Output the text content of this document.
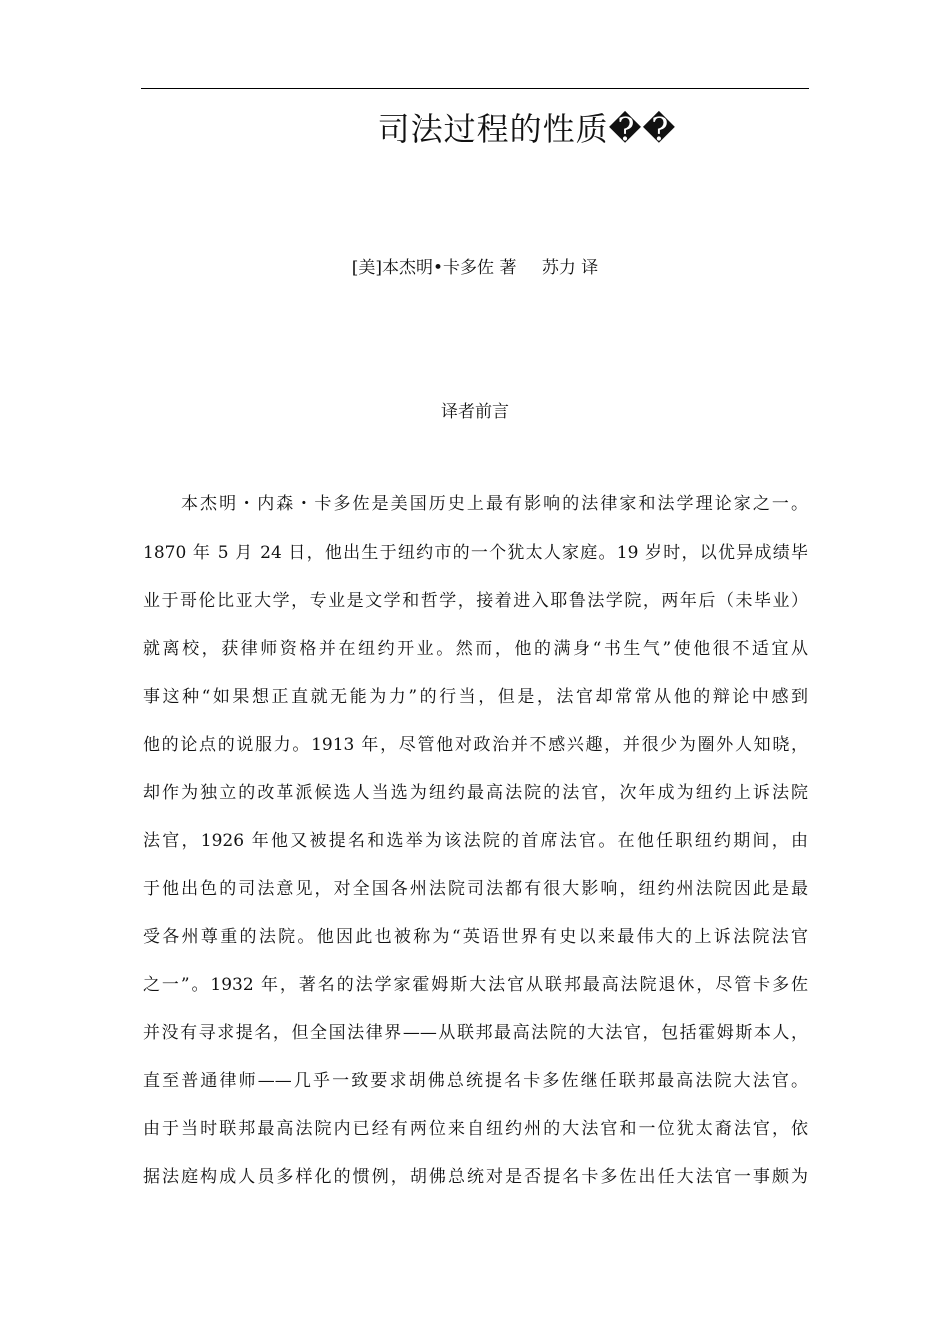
司法过程的性质��
[美]本杰明•卡多佐 著 苏力 译
译者前言
本杰明・内森・卡多佐是美国历史上最有影响的法律家和法学理论家之一。
1870 年 5 月 24 日，他出生于纽约市的一个犹太人家庭。19 岁时，以优异成绩毕
业于哥伦比亚大学，专业是文学和哲学，接着进入耶鲁法学院，两年后（未毕业）
就离校，获律师资格并在纽约开业。然而，他的满身“书生气”使他很不适宜从
事这种“如果想正直就无能为力”的行当，但是，法官却常常从他的辩论中感到
他的论点的说服力。1913 年，尽管他对政治并不感兴趣，并很少为圈外人知晓，
却作为独立的改革派候选人当选为纽约最高法院的法官，次年成为纽约上诉法院
法官，1926 年他又被提名和选举为该法院的首席法官。在他任职纽约期间，由
于他出色的司法意见，对全国各州法院司法都有很大影响，纽约州法院因此是最
受各州尊重的法院。他因此也被称为“英语世界有史以来最伟大的上诉法院法官
之一”。1932 年，著名的法学家霍姆斯大法官从联邦最高法院退休，尽管卡多佐
并没有寻求提名，但全国法律界——从联邦最高法院的大法官，包括霍姆斯本人，
直至普通律师——几乎一致要求胡佛总统提名卡多佐继任联邦最高法院大法官。
由于当时联邦最高法院内已经有两位来自纽约州的大法官和一位犹太裔法官，依
据法庭构成人员多样化的惯例，胡佛总统对是否提名卡多佐出任大法官一事颇为
